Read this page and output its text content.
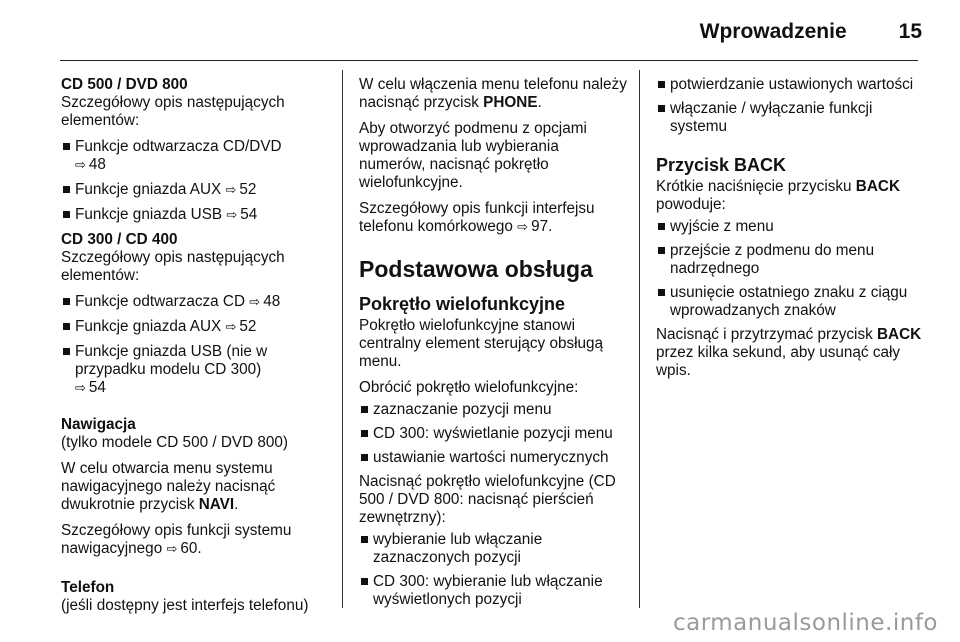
Wprowadzenie 15
CD 500 / DVD 800
Szczegółowy opis następujących elementów:
Funkcje odtwarzacza CD/DVD
⇨ 48
Funkcje gniazda AUX ⇨ 52
Funkcje gniazda USB ⇨ 54
CD 300 / CD 400
Szczegółowy opis następujących elementów:
Funkcje odtwarzacza CD ⇨ 48
Funkcje gniazda AUX ⇨ 52
Funkcje gniazda USB (nie w przypadku modelu CD 300)
⇨ 54
Nawigacja
(tylko modele CD 500 / DVD 800)
W celu otwarcia menu systemu nawigacyjnego należy nacisnąć dwukrotnie przycisk NAVI.
Szczegółowy opis funkcji systemu nawigacyjnego ⇨ 60.
Telefon
(jeśli dostępny jest interfejs telefonu)
W celu włączenia menu telefonu należy nacisnąć przycisk PHONE.
Aby otworzyć podmenu z opcjami wprowadzania lub wybierania numerów, nacisnąć pokrętło wielofunkcyjne.
Szczegółowy opis funkcji interfejsu telefonu komórkowego ⇨ 97.
Podstawowa obsługa
Pokrętło wielofunkcyjne
Pokrętło wielofunkcyjne stanowi centralny element sterujący obsługą menu.
Obrócić pokrętło wielofunkcyjne:
zaznaczanie pozycji menu
CD 300: wyświetlanie pozycji menu
ustawianie wartości numerycznych
Nacisnąć pokrętło wielofunkcyjne (CD 500 / DVD 800: nacisnąć pierścień zewnętrzny):
wybieranie lub włączanie zaznaczonych pozycji
CD 300: wybieranie lub włączanie wyświetlonych pozycji
potwierdzanie ustawionych wartości
włączanie / wyłączanie funkcji systemu
Przycisk BACK
Krótkie naciśnięcie przycisku BACK powoduje:
wyjście z menu
przejście z podmenu do menu nadrzędnego
usunięcie ostatniego znaku z ciągu wprowadzanych znaków
Nacisnąć i przytrzymać przycisk BACK przez kilka sekund, aby usunąć cały wpis.
carmanualsonline.info
